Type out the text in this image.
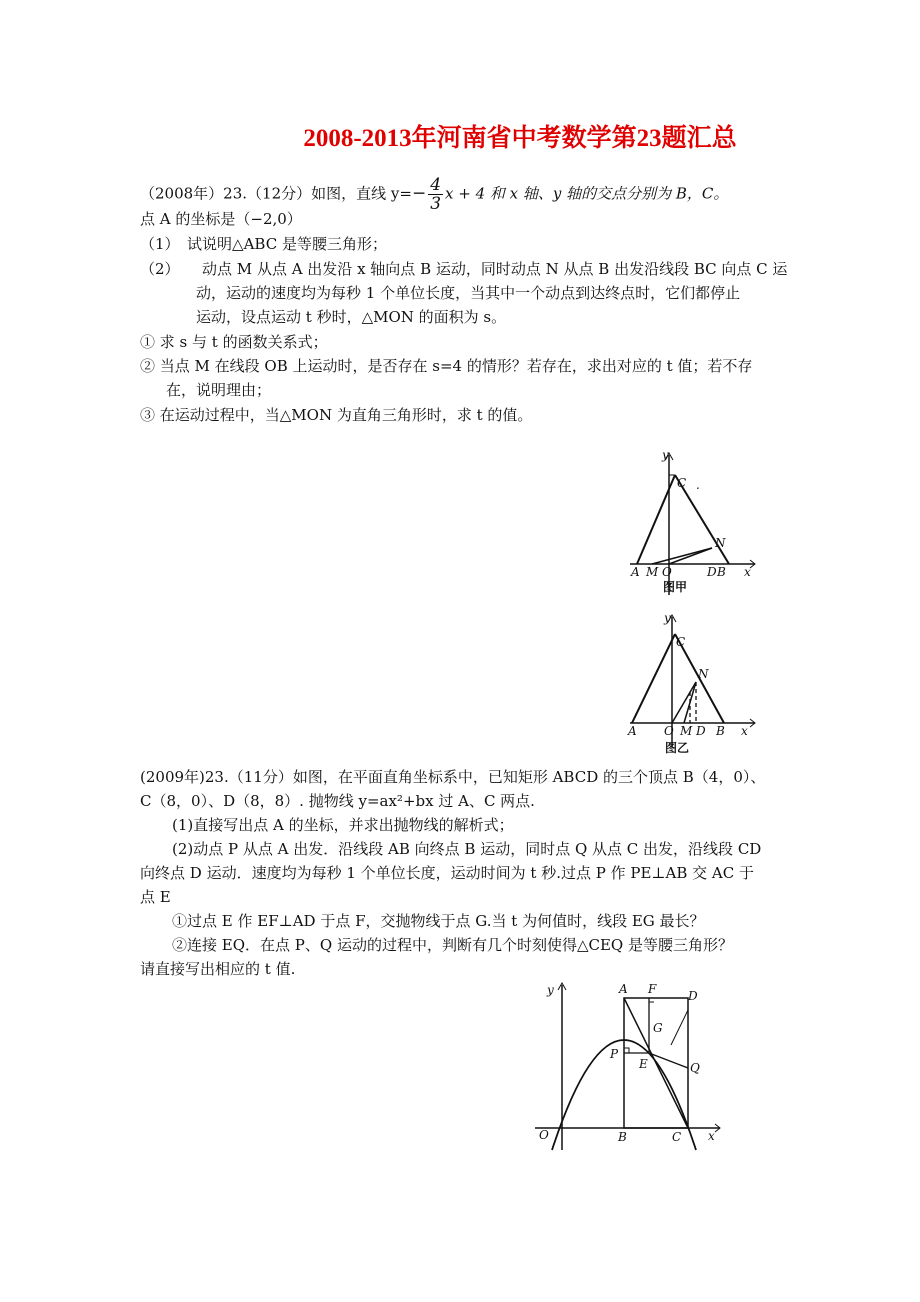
2008-2013年河南省中考数学第23题汇总
（2008年）23.（12分）如图，直线 $y=- \frac{4}{3}$ x + 4 和 x 轴、y 轴的交点分别为 B，C。
点 A 的坐标是（−2,0）
（1）　试说明△ABC 是等腰三角形；
（2）　　动点 M 从点 A 出发沿 x 轴向点 B 运动，同时动点 N 从点 B 出发沿线段 BC 向点 C 运
动，运动的速度均为每秒 1 个单位长度，当其中一个动点到达终点时，它们都停止
运动，设点运动 t 秒时，△MON 的面积为 s。
① 求 s 与 t 的函数关系式；
② 当点 M 在线段 OB 上运动时，是否存在 s=4 的情形？若存在，求出对应的 t 值；若不存
在，说明理由；
③ 在运动过程中，当△MON 为直角三角形时，求 t 的值。
y
C .
N
A M O	D B x
图甲
y
C
N
A O M D B x
图乙
(2009年)23.（11分）如图，在平面直角坐标系中，已知矩形 ABCD 的三个顶点 B（4，0）、
C（8，0）、D（8，8）. 抛物线 y=ax²+bx 过 A、C 两点.
(1)直接写出点 A 的坐标，并求出抛物线的解析式；
(2)动点 P 从点 A 出发．沿线段 AB 向终点 B 运动，同时点 Q 从点 C 出发，沿线段 CD
向终点 D 运动．速度均为每秒 1 个单位长度，运动时间为 t 秒.过点 P 作 PE⊥AB 交 AC 于
点 E
①过点 E 作 EF⊥AD 于点 F，交抛物线于点 G.当 t 为何值时，线段 EG 最长？
②连接 EQ．在点 P、Q 运动的过程中，判断有几个时刻使得△CEQ 是等腰三角形？
请直接写出相应的 t 值.
y	A F	D
G
P
E	Q
O	B	C x
